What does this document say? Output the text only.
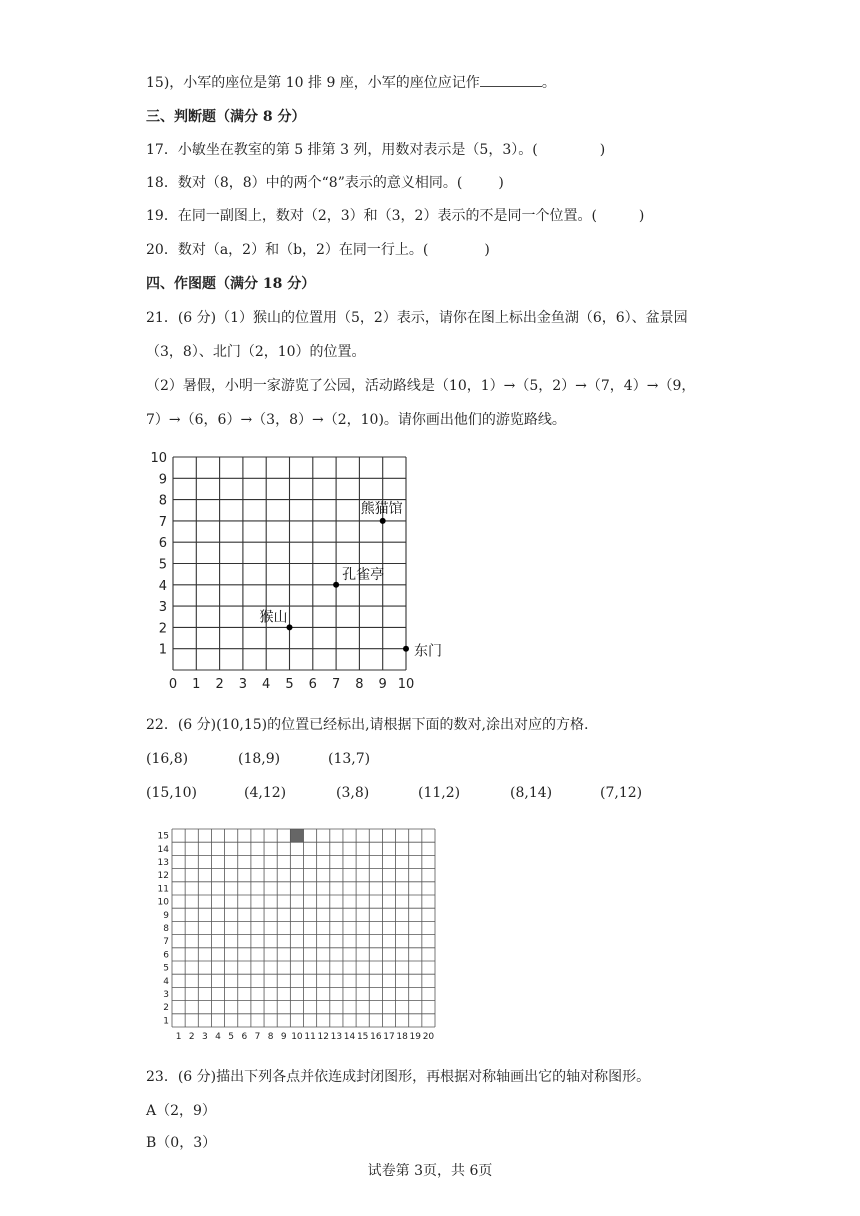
15)，小军的座位是第 10 排 9 座，小军的座位应记作	。
三、判断题（满分 8 分）
17．小敏坐在教室的第 5 排第 3 列，用数对表示是（5，3）。(	)
18．数对（8，8）中的两个“8”表示的意义相同。(	)
19．在同一副图上，数对（2，3）和（3，2）表示的不是同一个位置。(	)
20．数对（a，2）和（b，2）在同一行上。(	)
四、作图题（满分 18 分）
21．(6 分)（1）猴山的位置用（5，2）表示，请你在图上标出金鱼湖（6，6）、盆景园
（3，8）、北门（2，10）的位置。
（2）暑假，小明一家游览了公园，活动路线是（10，1）→（5，2）→（7，4）→（9，
7）→（6，6）→（3，8）→（2，10)。请你画出他们的游览路线。
0 1 2 3 4 5 6 7 8 9 10
1
2
3
4
5
6
7
8
9
10
猴山
孔雀亭
熊猫馆
东门
22．(6 分)(10,15)的位置已经标出,请根据下面的数对,涂出对应的方格.
(16,8)	(18,9)	(13,7)
(15,10)	(4,12)	(3,8)	(11,2)	(8,14)	(7,12)
1 2 3 4 5 6 7 8 9 10 11 12 13 14 15 16 17 18 19 20
1
2
3
4
5
6
7
8
9
10
11
12
13
14
15
23．(6 分)描出下列各点并依连成封闭图形，再根据对称轴画出它的轴对称图形。
A（2，9）
B（0，3）
试卷第 3页，共 6页
